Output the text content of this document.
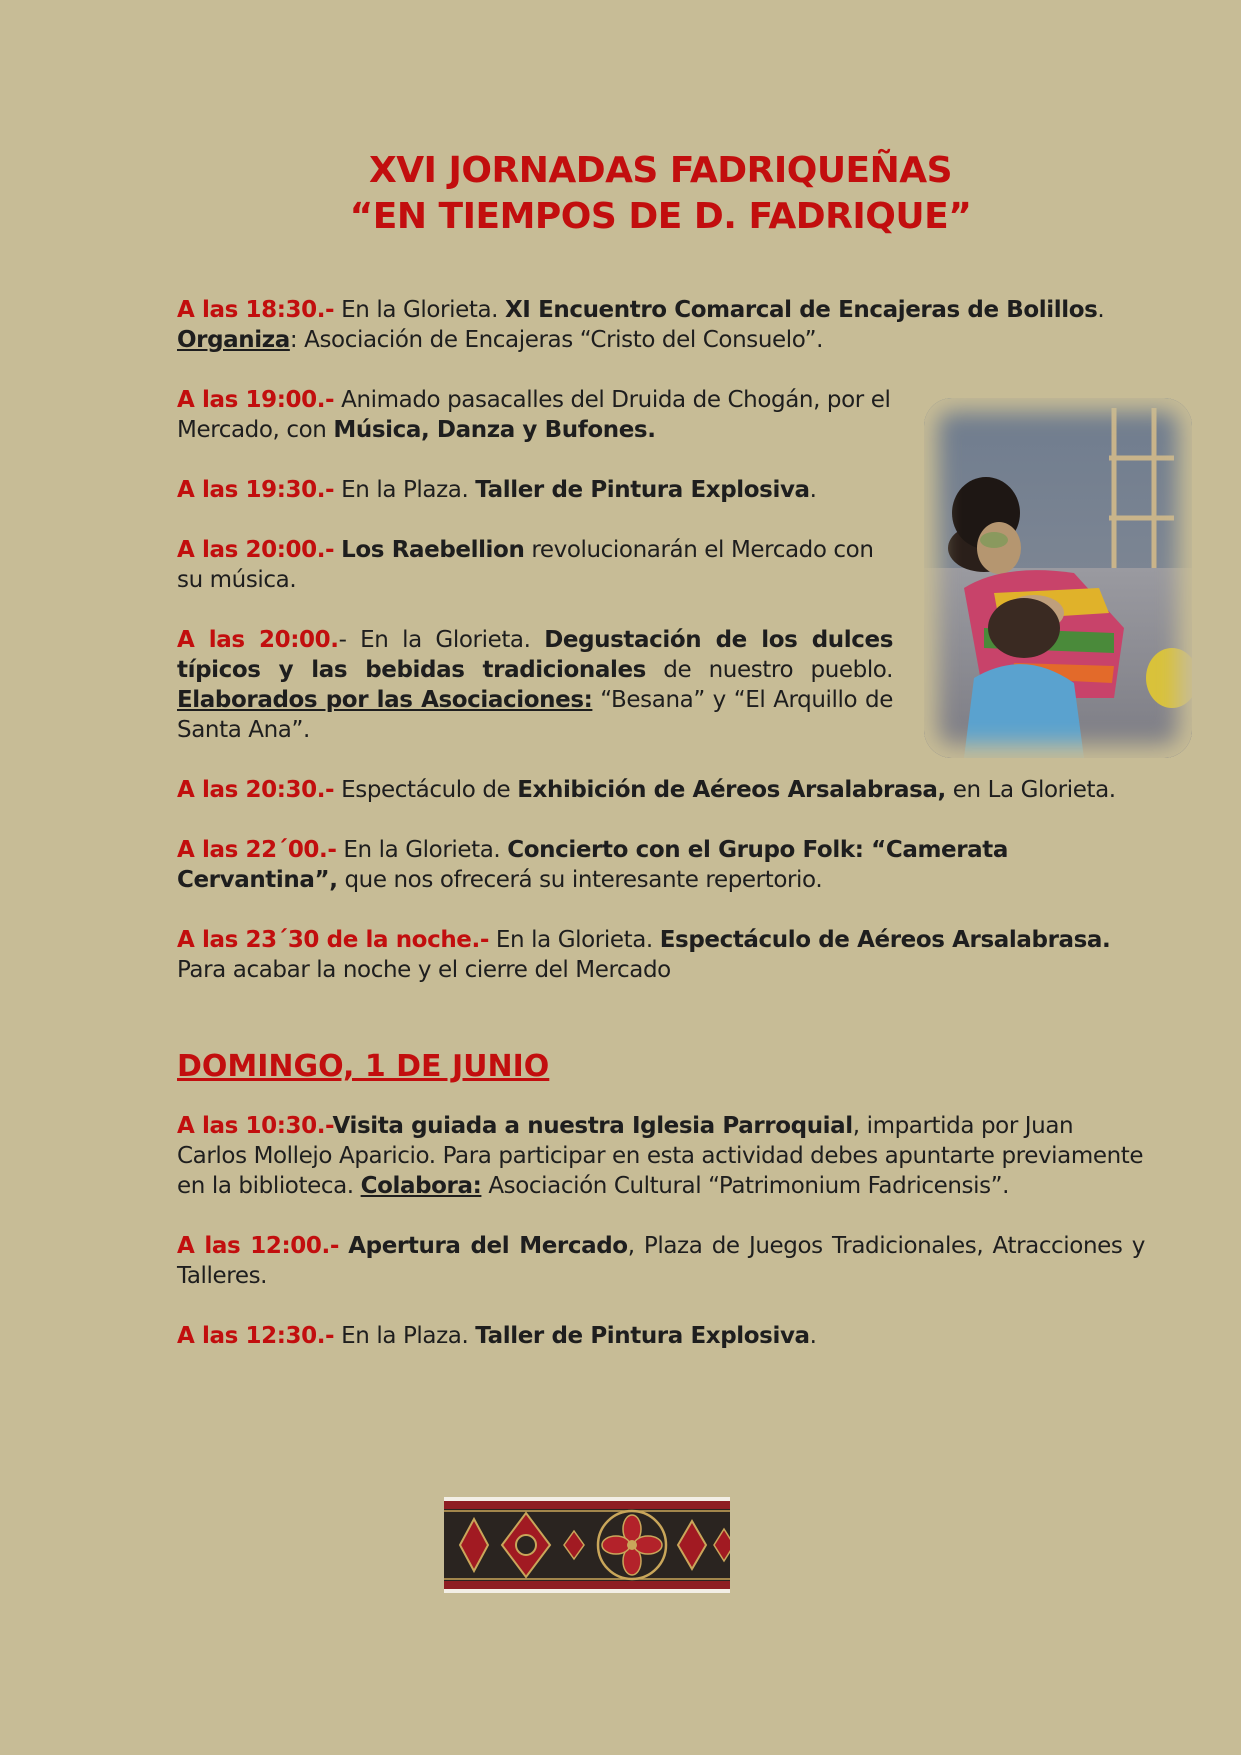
XVI JORNADAS FADRIQUEÑAS
“EN TIEMPOS DE D. FADRIQUE”

A las 18:30.- En la Glorieta. XI Encuentro Comarcal de Encajeras de Bolillos.
Organiza: Asociación de Encajeras “Cristo del Consuelo”.

A las 19:00.- Animado pasacalles del Druida de Chogán, por el Mercado, con Música, Danza y Bufones.

A las 19:30.- En la Plaza. Taller de Pintura Explosiva.

A las 20:00.- Los Raebellion revolucionarán el Mercado con su música.

A las 20:00.- En la Glorieta. Degustación de los dulces típicos y las bebidas tradicionales de nuestro pueblo. Elaborados por las Asociaciones: “Besana” y “El Arquillo de Santa Ana”.

A las 20:30.- Espectáculo de Exhibición de Aéreos Arsalabrasa, en La Glorieta.

A las 22´00.- En la Glorieta. Concierto con el Grupo Folk: “Camerata Cervantina”, que nos ofrecerá su interesante repertorio.

A las 23´30 de la noche.- En la Glorieta. Espectáculo de Aéreos Arsalabrasa. Para acabar la noche y el cierre del Mercado

DOMINGO, 1 DE JUNIO

A las 10:30.-Visita guiada a nuestra Iglesia Parroquial, impartida por Juan Carlos Mollejo Aparicio. Para participar en esta actividad debes apuntarte previamente en la biblioteca. Colabora: Asociación Cultural “Patrimonium Fadricensis”.

A las 12:00.- Apertura del Mercado, Plaza de Juegos Tradicionales, Atracciones y Talleres.

A las 12:30.- En la Plaza. Taller de Pintura Explosiva.
